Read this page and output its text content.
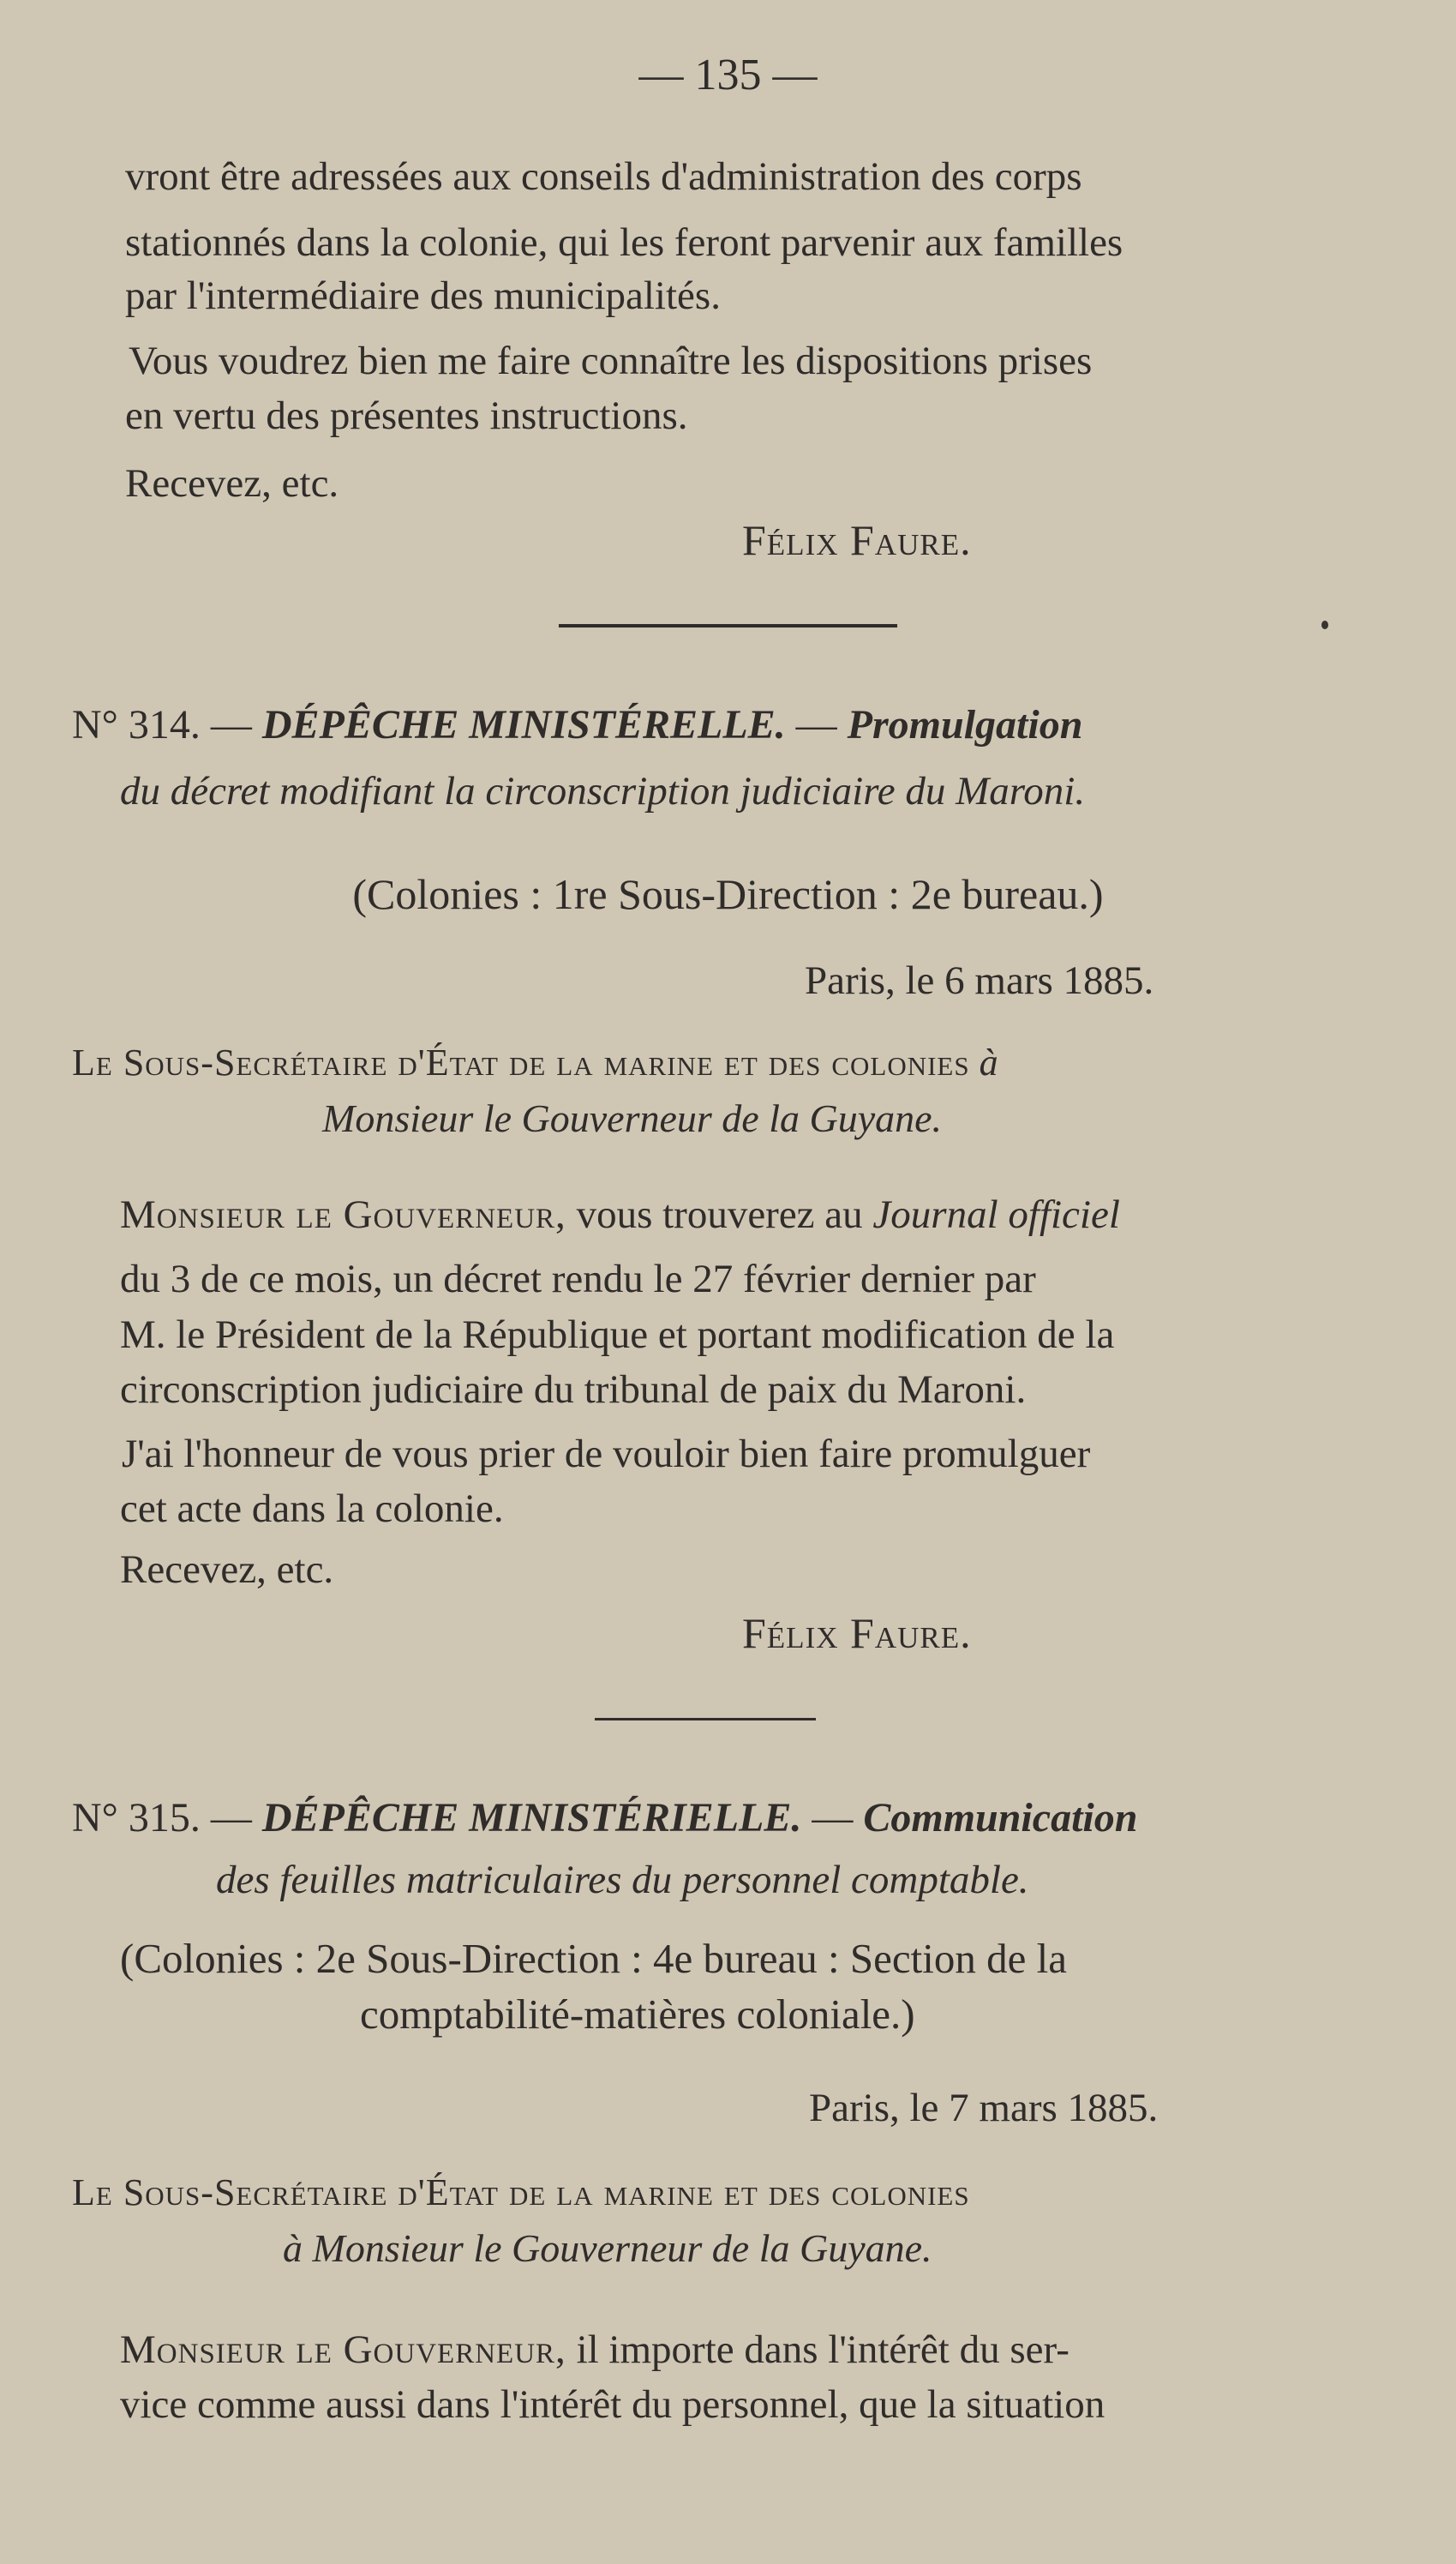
— 135 —
vront être adressées aux conseils d'administration des corps
stationnés dans la colonie, qui les feront parvenir aux familles
par l'intermédiaire des municipalités.
Vous voudrez bien me faire connaître les dispositions prises
en vertu des présentes instructions.
Recevez, etc.
Félix Faure.
N° 314. — DÉPÊCHE MINISTÉRELLE. — Promulgation
du décret modifiant la circonscription judiciaire du Maroni.
(Colonies : 1re Sous-Direction : 2e bureau.)
Paris, le 6 mars 1885.
Le Sous-Secrétaire d'État de la marine et des colonies à
Monsieur le Gouverneur de la Guyane.
Monsieur le Gouverneur, vous trouverez au Journal officiel
du 3 de ce mois, un décret rendu le 27 février dernier par
M. le Président de la République et portant modification de la
circonscription judiciaire du tribunal de paix du Maroni.
J'ai l'honneur de vous prier de vouloir bien faire promulguer
cet acte dans la colonie.
Recevez, etc.
Félix Faure.
N° 315. — DÉPÊCHE MINISTÉRIELLE. — Communication
des feuilles matriculaires du personnel comptable.
(Colonies : 2e Sous-Direction : 4e bureau : Section de la
comptabilité-matières coloniale.)
Paris, le 7 mars 1885.
Le Sous-Secrétaire d'État de la marine et des colonies
à Monsieur le Gouverneur de la Guyane.
Monsieur le Gouverneur, il importe dans l'intérêt du ser-
vice comme aussi dans l'intérêt du personnel, que la situation
